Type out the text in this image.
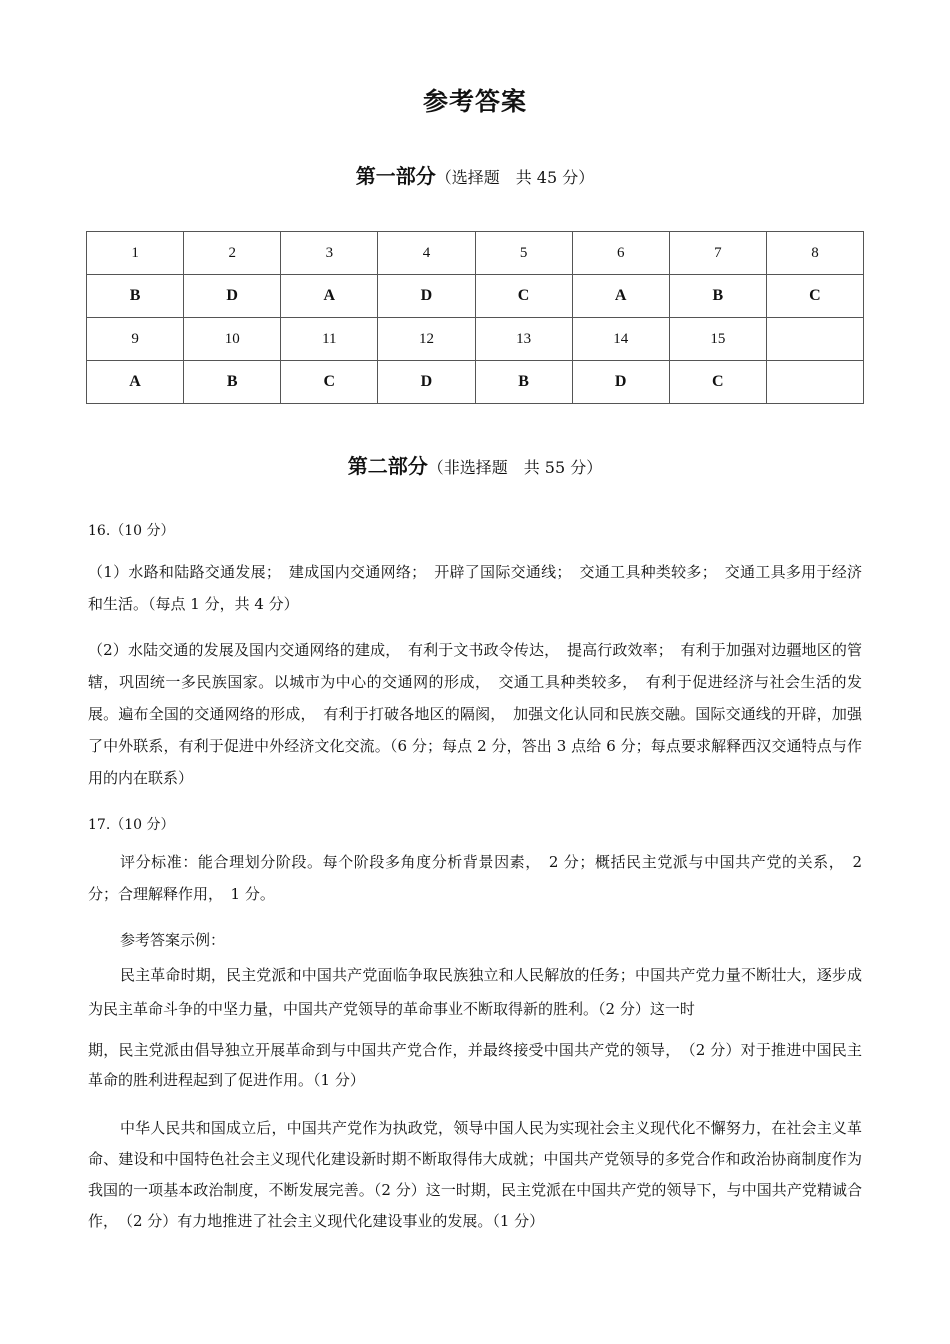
参考答案
第一部分（选择题　共 45 分）
1	2	3	4	5	6	7	8
B	D	A	D	C	A	B	C
9	10	11	12	13	14	15	
A	B	C	D	B	D	C	
第二部分（非选择题　共 55 分）
16.（10 分）

（1）水路和陆路交通发展；　建成国内交通网络；　开辟了国际交通线；　交通工具种类较多；　交通工具多用于经济和生活。（每点 1 分，共 4 分）

（2）水陆交通的发展及国内交通网络的建成，　有利于文书政令传达，　提高行政效率；　有利于加强对边疆地区的管辖，巩固统一多民族国家。以城市为中心的交通网的形成，　交通工具种类较多，　有利于促进经济与社会生活的发展。遍布全国的交通网络的形成，　有利于打破各地区的隔阂，　加强文化认同和民族交融。国际交通线的开辟，加强了中外联系，有利于促进中外经济文化交流。（6 分；每点 2 分，答出 3 点给 6 分；每点要求解释西汉交通特点与作用的内在联系）

17.（10 分）

评分标准：能合理划分阶段。每个阶段多角度分析背景因素，　2 分；概括民主党派与中国共产党的关系，　2 分；合理解释作用，　1 分。

参考答案示例：

民主革命时期，民主党派和中国共产党面临争取民族独立和人民解放的任务；中国共产党力量不断壮大，逐步成为民主革命斗争的中坚力量，中国共产党领导的革命事业不断取得新的胜利。（2 分）这一时

期，民主党派由倡导独立开展革命到与中国共产党合作，并最终接受中国共产党的领导，　（2 分）对于推进中国民主革命的胜利进程起到了促进作用。（1 分）

中华人民共和国成立后，中国共产党作为执政党，领导中国人民为实现社会主义现代化不懈努力，在社会主义革命、建设和中国特色社会主义现代化建设新时期不断取得伟大成就；中国共产党领导的多党合作和政治协商制度作为我国的一项基本政治制度，不断发展完善。（2 分）这一时期，民主党派在中国共产党的领导下，与中国共产党精诚合作，　（2 分）有力地推进了社会主义现代化建设事业的发展。（1 分）
